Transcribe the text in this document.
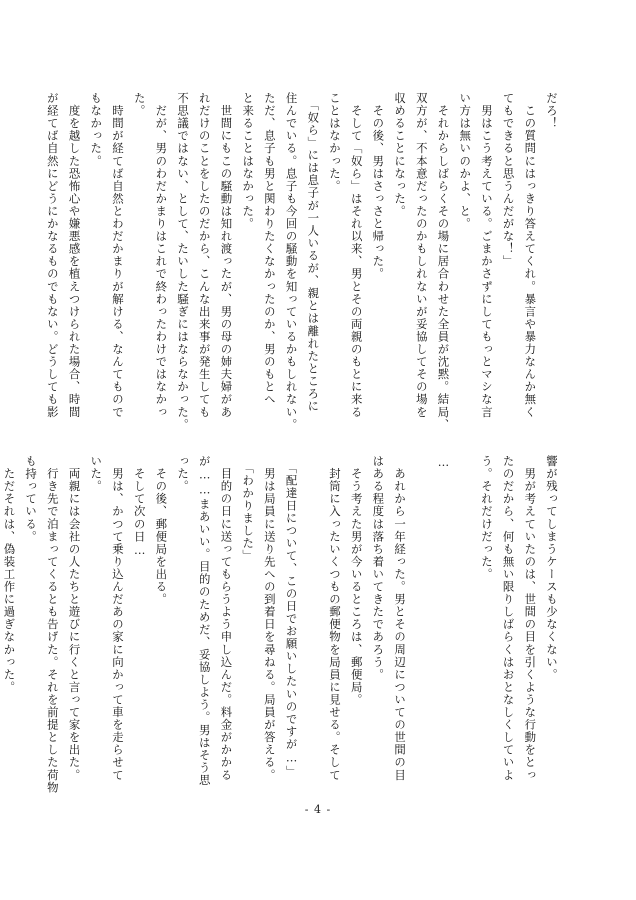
だろ！
　この質問にはっきり答えてくれ。暴言や暴力なんか無く
てもできると思うんだがな！」
　男はこう考えている。ごまかさずにしてもっとマシな言
い方は無いのかよ、と。
　それからしばらくその場に居合わせた全員が沈黙。結局、
双方が、不本意だったのかもしれないが妥協してその場を
収めることになった。
　その後、男はさっさと帰った。
　そして「奴ら」はそれ以来、男とその両親のもとに来る
ことはなかった。
　「奴ら」には息子が一人いるが、親とは離れたところに
住んでいる。息子も今回の騒動を知っているかもしれない。
ただ、息子も男と関わりたくなかったのか、男のもとへ
と来ることはなかった。
　世間にもこの騒動は知れ渡ったが、男の母の姉夫婦があ
れだけのことをしたのだから、こんな出来事が発生しても
不思議ではない、として、たいした騒ぎにはならなかった。
　だが、男のわだかまりはこれで終わったわけではなかっ
た。
　時間が経てば自然とわだかまりが解ける、なんてもので
もなかった。
　度を越した恐怖心や嫌悪感を植えつけられた場合、時間
が経てば自然にどうにかなるものでもない。どうしても影
響が残ってしまうケースも少なくない。
　男が考えていたのは、世間の目を引くような行動をとっ
たのだから、何も無い限りしばらくはおとなしくしていよ
う。それだけだった。

…

　あれから一年経った。男とその周辺についての世間の目
はある程度は落ち着いてきたであろう。
　そう考えた男が今いるところは、郵便局。
　封筒に入ったいくつもの郵便物を局員に見せる。そして

　「配達日について、この日でお願いしたいのですが…」
　男は局員に送り先への到着日を尋ねる。局員が答える。
　「わかりました」
　目的の日に送ってもらうよう申し込んだ。料金がかかる
が……まあいい。目的のためだ、妥協しよう。男はそう思
った。
　その後、郵便局を出る。
　そして次の日…
　男は、かつて乗り込んだあの家に向かって車を走らせて
いた。
　両親には会社の人たちと遊びに行くと言って家を出た。
　行き先で泊まってくるとも告げた。それを前提とした荷物
も持っている。
　ただそれは、偽装工作に過ぎなかった。
- 4 -
